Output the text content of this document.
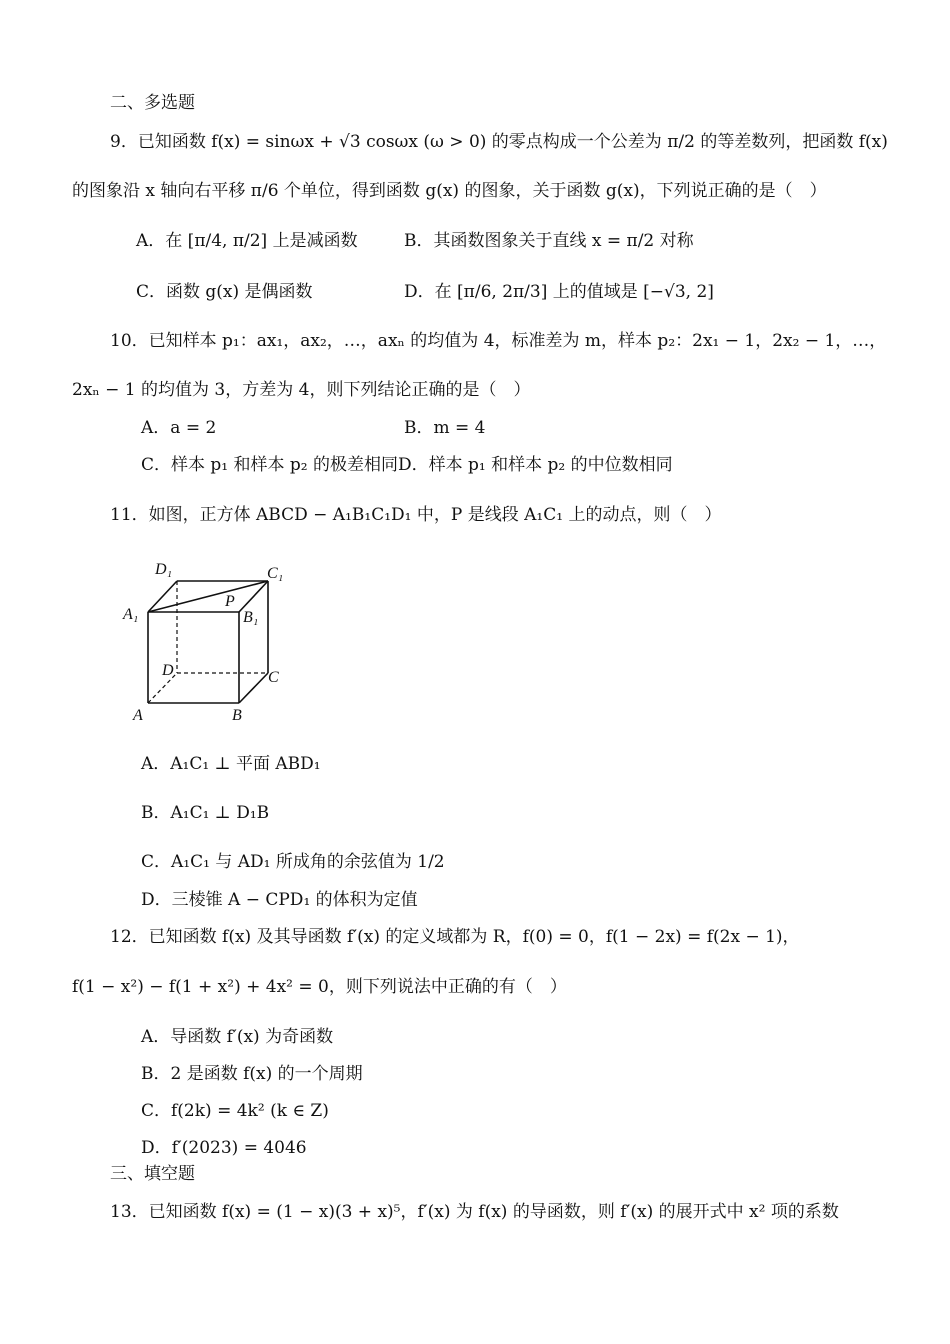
二、多选题
9．已知函数 f(x) = sinωx + √3 cosωx (ω > 0) 的零点构成一个公差为 π/2 的等差数列，把函数 f(x)
的图象沿 x 轴向右平移 π/6 个单位，得到函数 g(x) 的图象，关于函数 g(x)，下列说正确的是（　）
A．在 [π/4, π/2] 上是减函数	B．其函数图象关于直线 x = π/2 对称
C．函数 g(x) 是偶函数	D．在 [π/6, 2π/3] 上的值域是 [−√3, 2]
10．已知样本 p₁：ax₁，ax₂，…，axₙ 的均值为 4，标准差为 m，样本 p₂：2x₁ − 1，2x₂ − 1，…，
2xₙ − 1 的均值为 3，方差为 4，则下列结论正确的是（　）
A．a = 2	B．m = 4
C．样本 p₁ 和样本 p₂ 的极差相同D．样本 p₁ 和样本 p₂ 的中位数相同
11．如图，正方体 ABCD − A₁B₁C₁D₁ 中，P 是线段 A₁C₁ 上的动点，则（　）
D₁	C₁
A₁	B₁
P
D	C
A	B
A．A₁C₁ ⊥ 平面 ABD₁
B．A₁C₁ ⊥ D₁B
C．A₁C₁ 与 AD₁ 所成角的余弦值为 1/2
D．三棱锥 A − CPD₁ 的体积为定值
12．已知函数 f(x) 及其导函数 f′(x) 的定义域都为 R，f(0) = 0，f(1 − 2x) = f(2x − 1)，
f(1 − x²) − f(1 + x²) + 4x² = 0，则下列说法中正确的有（　）
A．导函数 f′(x) 为奇函数
B．2 是函数 f(x) 的一个周期
C．f(2k) = 4k² (k ∈ Z)
D．f′(2023) = 4046
三、填空题
13．已知函数 f(x) = (1 − x)(3 + x)⁵，f′(x) 为 f(x) 的导函数，则 f′(x) 的展开式中 x² 项的系数
